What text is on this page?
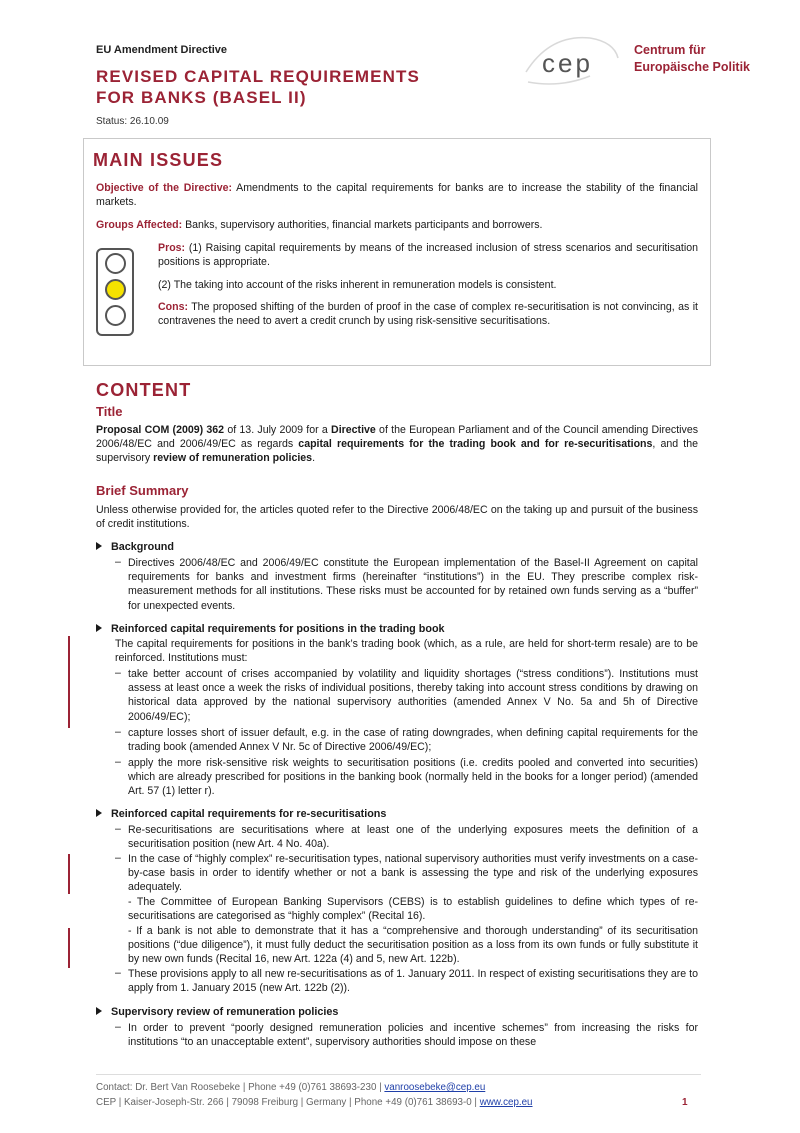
EU Amendment Directive
REVISED CAPITAL REQUIREMENTS
FOR BANKS (BASEL II)
Status: 26.10.09
cep	Centrum für
Europäische Politik
MAIN ISSUES
Objective of the Directive: Amendments to the capital requirements for banks are to increase the stability of the financial markets.
Groups Affected: Banks, supervisory authorities, financial markets participants and borrowers.
Pros: (1) Raising capital requirements by means of the increased inclusion of stress scenarios and securitisation positions is appropriate.
(2) The taking into account of the risks inherent in remuneration models is consistent.
Cons: The proposed shifting of the burden of proof in the case of complex re-securitisation is not convincing, as it contravenes the need to avert a credit crunch by using risk-sensitive securitisations.
CONTENT
Title
Proposal COM (2009) 362 of 13. July 2009 for a Directive of the European Parliament and of the Council amending Directives 2006/48/EC and 2006/49/EC as regards capital requirements for the trading book and for re-securitisations, and the supervisory review of remuneration policies.
Brief Summary
Unless otherwise provided for, the articles quoted refer to the Directive 2006/48/EC on the taking up and pursuit of the business of credit institutions.
Background
– Directives 2006/48/EC and 2006/49/EC constitute the European implementation of the Basel-II Agreement on capital requirements for banks and investment firms (hereinafter “institutions”) in the EU. They prescribe complex risk-measurement methods for all institutions. These risks must be accounted for by retained own funds serving as a “buffer” for unexpected events.
Reinforced capital requirements for positions in the trading book
The capital requirements for positions in the bank’s trading book (which, as a rule, are held for short-term resale) are to be reinforced. Institutions must:
– take better account of crises accompanied by volatility and liquidity shortages (“stress conditions”). Institutions must assess at least once a week the risks of individual positions, thereby taking into account stress conditions by drawing on historical data approved by the national supervisory authorities (amended Annex V No. 5a and 5h of Directive 2006/49/EC);
– capture losses short of issuer default, e.g. in the case of rating downgrades, when defining capital requirements for the trading book (amended Annex V Nr. 5c of Directive 2006/49/EC);
– apply the more risk-sensitive risk weights to securitisation positions (i.e. credits pooled and converted into securities) which are already prescribed for positions in the banking book (normally held in the books for a longer period) (amended Art. 57 (1) letter r).
Reinforced capital requirements for re-securitisations
– Re-securitisations are securitisations where at least one of the underlying exposures meets the definition of a securitisation position (new Art. 4 No. 40a).
– In the case of “highly complex” re-securitisation types, national supervisory authorities must verify investments on a case-by-case basis in order to identify whether or not a bank is assessing the type and risk of the underlying exposures adequately.
- The Committee of European Banking Supervisors (CEBS) is to establish guidelines to define which types of re-securitisations are categorised as “highly complex” (Recital 16).
- If a bank is not able to demonstrate that it has a “comprehensive and thorough understanding” of its securitisation positions (“due diligence”), it must fully deduct the securitisation position as a loss from its own funds or fully substitute it by new own funds (Recital 16, new Art. 122a (4) and 5, new Art. 122b).
– These provisions apply to all new re-securitisations as of 1. January 2011. In respect of existing securitisations they are to apply from 1. January 2015 (new Art. 122b (2)).
Supervisory review of remuneration policies
– In order to prevent “poorly designed remuneration policies and incentive schemes” from increasing the risks for institutions “to an unacceptable extent”, supervisory authorities should impose on these
Contact: Dr. Bert Van Roosebeke | Phone +49 (0)761 38693-230 | vanroosebeke@cep.eu
CEP | Kaiser-Joseph-Str. 266 | 79098 Freiburg | Germany | Phone +49 (0)761 38693-0 | www.cep.eu	1
